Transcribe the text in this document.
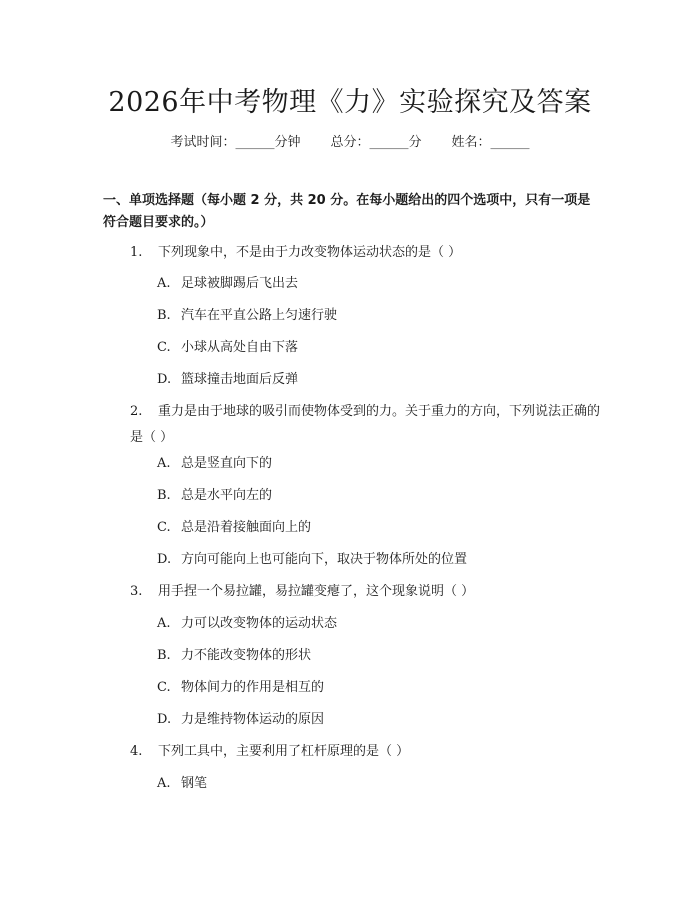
2026年中考物理《力》实验探究及答案
考试时间：______分钟 总分：______分 姓名：______
一、单项选择题（每小题 2 分，共 20 分。在每小题给出的四个选项中，只有一项是符合题目要求的。）
1. 下列现象中，不是由于力改变物体运动状态的是（ ）
A. 足球被脚踢后飞出去
B. 汽车在平直公路上匀速行驶
C. 小球从高处自由下落
D. 篮球撞击地面后反弹
2. 重力是由于地球的吸引而使物体受到的力。关于重力的方向，下列说法正确的是（ ）
A. 总是竖直向下的
B. 总是水平向左的
C. 总是沿着接触面向上的
D. 方向可能向上也可能向下，取决于物体所处的位置
3. 用手捏一个易拉罐，易拉罐变瘪了，这个现象说明（ ）
A. 力可以改变物体的运动状态
B. 力不能改变物体的形状
C. 物体间力的作用是相互的
D. 力是维持物体运动的原因
4. 下列工具中，主要利用了杠杆原理的是（ ）
A. 钢笔
